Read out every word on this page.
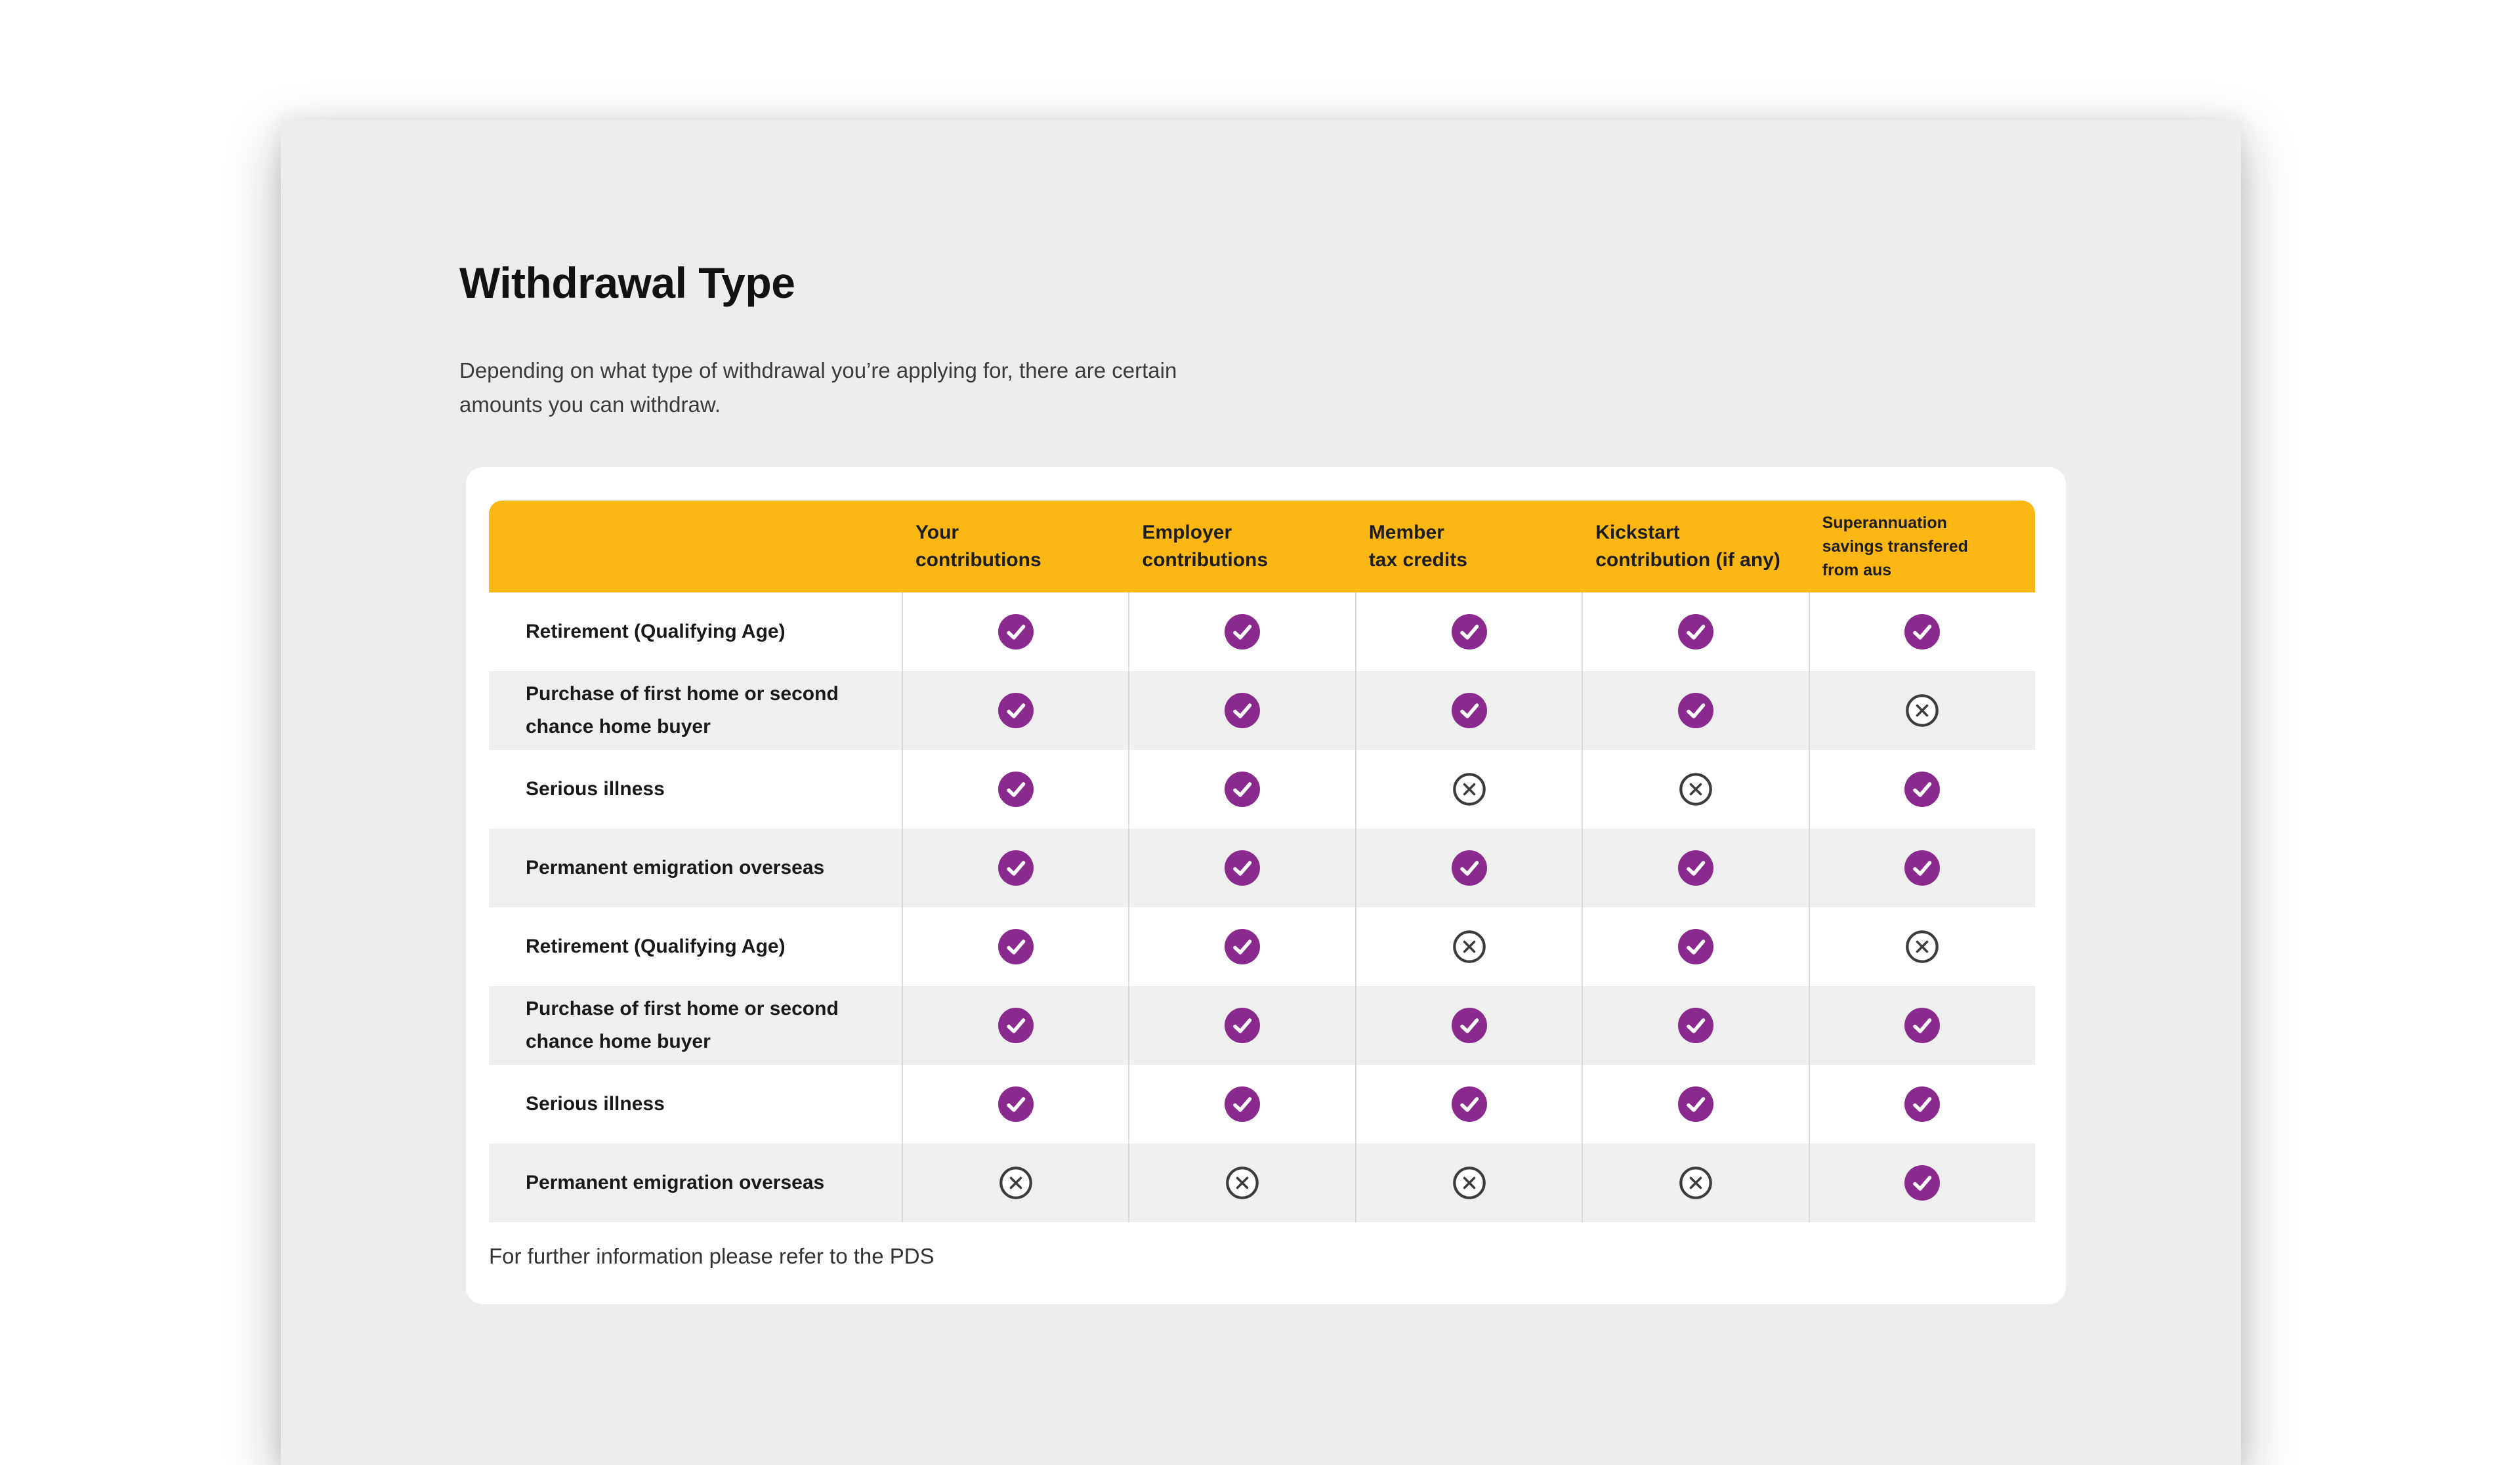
Withdrawal Type

Depending on what type of withdrawal you’re applying for, there are certain amounts you can withdraw.

Your
contributions
Employer
contributions
Member
tax credits
Kickstart
contribution (if any)
Superannuation
savings transfered
from aus
Retirement (Qualifying Age)
Purchase of first home or second chance home buyer
Serious illness
Permanent emigration overseas
Retirement (Qualifying Age)
Purchase of first home or second chance home buyer
Serious illness
Permanent emigration overseas

For further information please refer to the PDS
